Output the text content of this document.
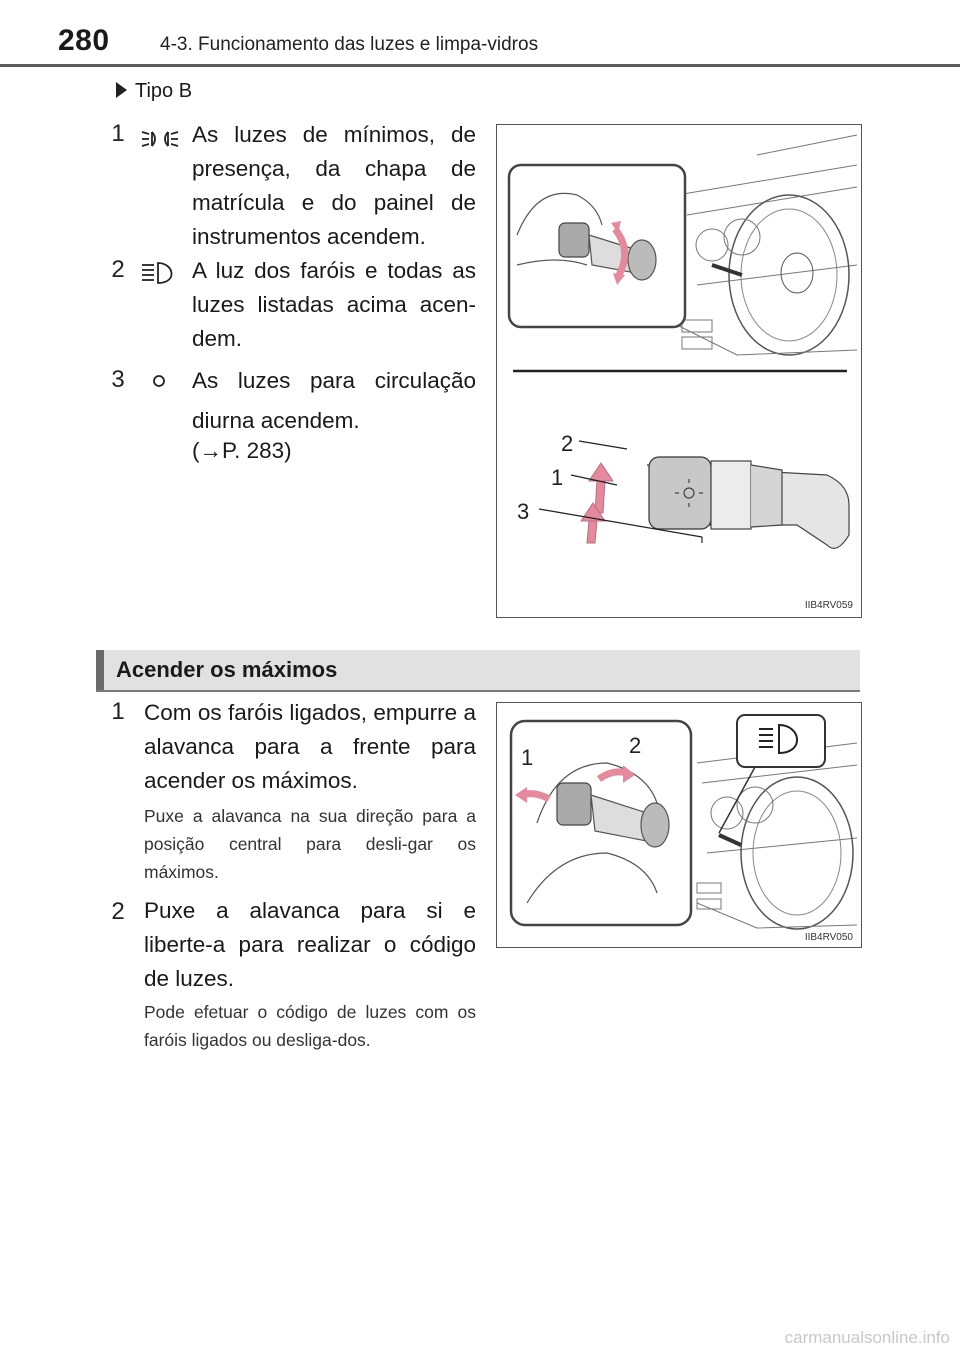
280	4-3. Funcionamento das luzes e limpa-vidros
Tipo B
1	As luzes de mínimos, de presença, da chapa de matrícula e do painel de instrumentos acendem.
2	A luz dos faróis e todas as luzes listadas acima acen-dem.
3	As luzes para circulação
diurna acendem.
(→P. 283)	2
1
3
IIB4RV059
Acender os máximos
1 Com os faróis ligados, empurre a alavanca para a frente para acender os máximos.
Puxe a alavanca na sua direção para a posição central para desli-gar os máximos.
2 Puxe a alavanca para si e liberte-a para realizar o código de luzes.
Pode efetuar o código de luzes com os faróis ligados ou desliga-dos.
1	2
IIB4RV050
carmanualsonline.info
